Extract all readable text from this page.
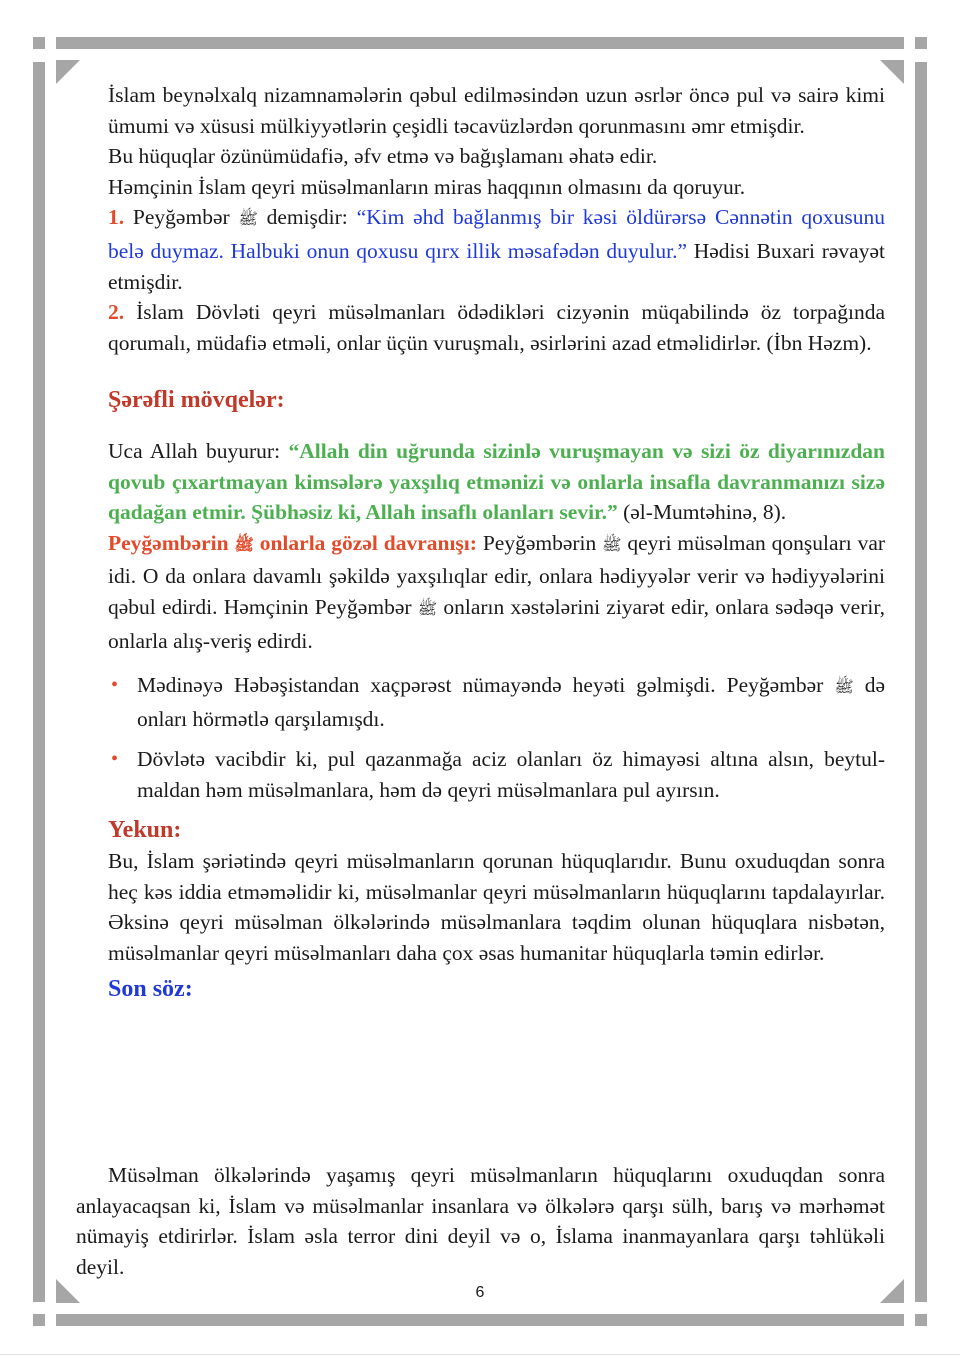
İslam beynəlxalq nizamnamələrin qəbul edilməsindən uzun əsrlər öncə pul və sairə kimi ümumi və xüsusi mülkiyyətlərin çeşidli təcavüzlərdən qorunmasını əmr etmişdir.

Bu hüquqlar özünümüdafiə, əfv etmə və bağışlamanı əhatə edir.

Həmçinin İslam qeyri müsəlmanların miras haqqının olmasını da qoruyur.

1. Peyğəmbər ﷺ demişdir: “Kim əhd bağlanmış bir kəsi öldürərsə Cənnətin qoxusunu belə duymaz. Halbuki onun qoxusu qırx illik məsafədən duyulur.” Hədisi Buxari rəvayət etmişdir.

2. İslam Dövləti qeyri müsəlmanları ödədikləri cizyənin müqabilində öz torpağında qorumalı, müdafiə etməli, onlar üçün vuruşmalı, əsirlərini azad etməlidirlər. (İbn Həzm).

Şərəfli mövqelər:

Uca Allah buyurur: “Allah din uğrunda sizinlə vuruşmayan və sizi öz diyarınızdan qovub çıxartmayan kimsələrə yaxşılıq etmənizi və onlarla insafla davranmanızı sizə qadağan etmir. Şübhəsiz ki, Allah insaflı olanları sevir.” (əl-Mumtəhinə, 8).

Peyğəmbərin ﷺ onlarla gözəl davranışı: Peyğəmbərin ﷺ qeyri müsəlman qonşuları var idi. O da onlara davamlı şəkildə yaxşılıqlar edir, onlara hədiyyələr verir və hədiyyələrini qəbul edirdi. Həmçinin Peyğəmbər ﷺ onların xəstələrini ziyarət edir, onlara sədəqə verir, onlarla alış-veriş edirdi.

• Mədinəyə Həbəşistandan xaçpərəst nümayəndə heyəti gəlmişdi. Peyğəmbər ﷺ də onları hörmətlə qarşılamışdı.
• Dövlətə vacibdir ki, pul qazanmağa aciz olanları öz himayəsi altına alsın, beytul-maldan həm müsəlmanlara, həm də qeyri müsəlmanlara pul ayırsın.
Yekun:

Bu, İslam şəriətində qeyri müsəlmanların qorunan hüquqlarıdır. Bunu oxuduqdan sonra heç kəs iddia etməməlidir ki, müsəlmanlar qeyri müsəlmanların hüquqlarını tapdalayırlar. Əksinə qeyri müsəlman ölkələrində müsəlmanlara təqdim olunan hüquqlara nisbətən, müsəlmanlar qeyri müsəlmanları daha çox əsas humanitar hüquqlarla təmin edirlər.

Son söz:

Müsəlman ölkələrində yaşamış qeyri müsəlmanların hüquqlarını oxuduqdan sonra anlayacaqsan ki, İslam və müsəlmanlar insanlara və ölkələrə qarşı sülh, barış və mərhəmət nümayiş etdirirlər. İslam əsla terror dini deyil və o, İslama inanmayanlara qarşı təhlükəli deyil.

6
